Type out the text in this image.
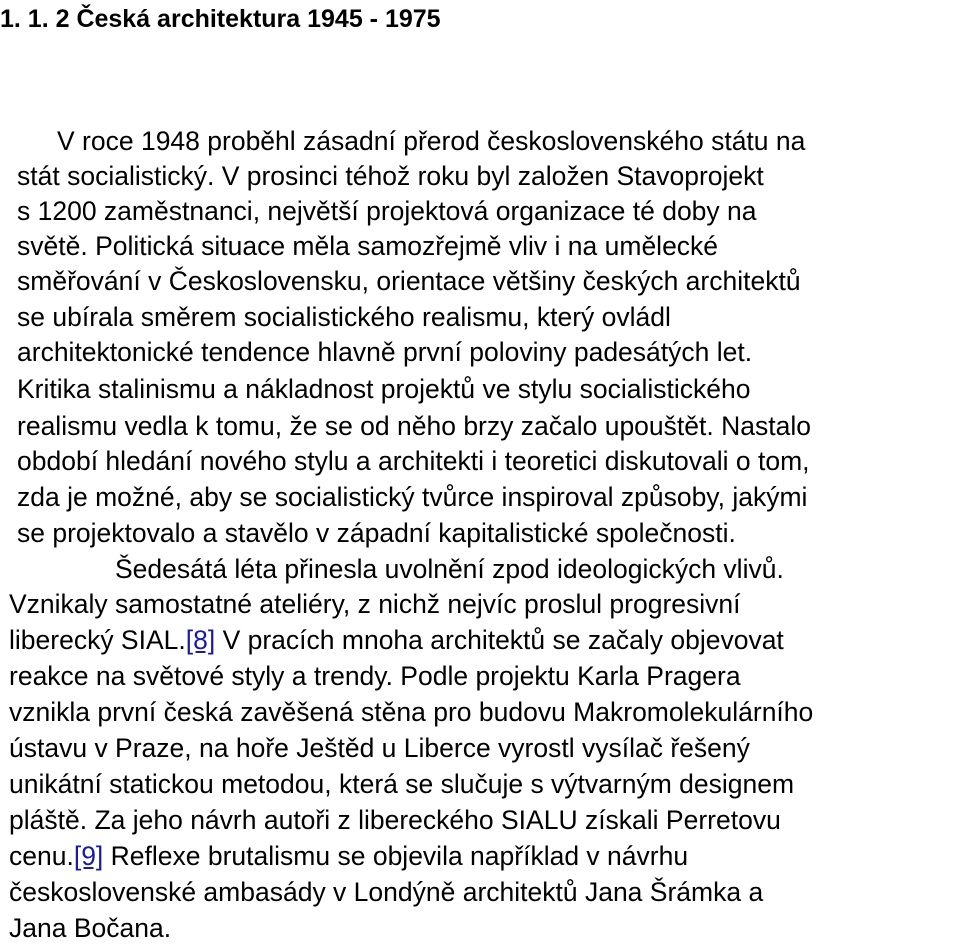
1. 1. 2 Česká architektura 1945 - 1975
V roce 1948 proběhl zásadní přerod československého státu na
stát socialistický. V prosinci téhož roku byl založen Stavoprojekt
s 1200 zaměstnanci, největší projektová organizace té doby na
světě. Politická situace měla samozřejmě vliv i na umělecké
směřování v Československu, orientace většiny českých architektů
se ubírala směrem socialistického realismu, který ovládl
architektonické tendence hlavně první poloviny padesátých let.
Kritika stalinismu a nákladnost projektů ve stylu socialistického
realismu vedla k tomu, že se od něho brzy začalo upouštět. Nastalo
období hledání nového stylu a architekti i teoretici diskutovali o tom,
zda je možné, aby se socialistický tvůrce inspiroval způsoby, jakými
se projektovalo a stavělo v západní kapitalistické společnosti.
Šedesátá léta přinesla uvolnění zpod ideologických vlivů.
Vznikaly samostatné ateliéry, z nichž nejvíc proslul progresivní
liberecký SIAL.[8] V pracích mnoha architektů se začaly objevovat
reakce na světové styly a trendy. Podle projektu Karla Pragera
vznikla první česká zavěšená stěna pro budovu Makromolekulárního
ústavu v Praze, na hoře Ještěd u Liberce vyrostl vysílač řešený
unikátní statickou metodou, která se slučuje s výtvarným designem
pláště. Za jeho návrh autoři z libereckého SIALU získali Perretovu
cenu.[9] Reflexe brutalismu se objevila například v návrhu
československé ambasády v Londýně architektů Jana Šrámka a
Jana Bočana.
